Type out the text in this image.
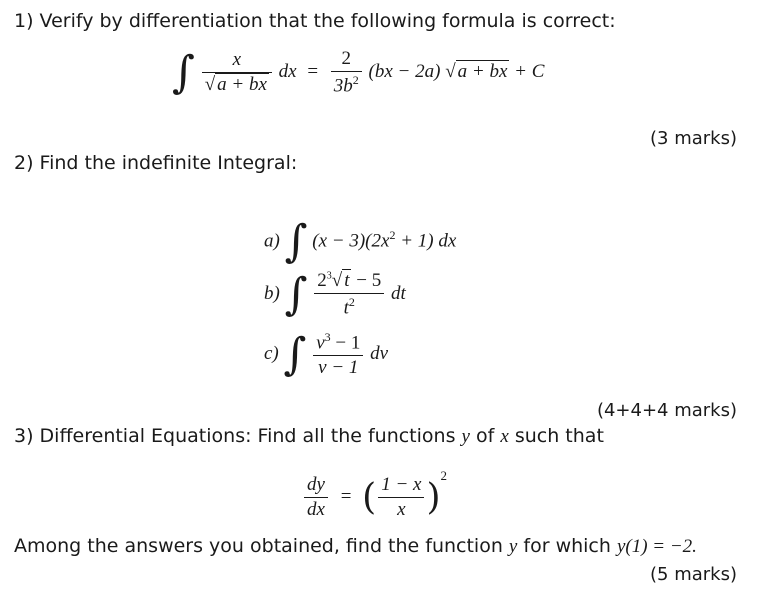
1) Verify by differentiation that the following formula is correct:
∫ $\frac{x}{√ a + bx}$ dx = $\frac{2}{3b^2} (bx - 2a)$ √ a + bx + C
(3 marks)
2) Find the indefinite Integral:
a) ∫ $(x - 3)(2x^2 + 1)$ dx
b) ∫ $\frac{2^3√ t - 5}{t^2}$ dt
c) ∫ $\frac{v^3 - 1}{v - 1}$ dv
(4+4+4 marks)
3) Differential Equations: Find all the functions y of x such that
$\frac{dy}{dx}$ = ( $\frac{1 - x}{x} )^2$
Among the answers you obtained, find the function y for which y(1) = −2.
(5 marks)
